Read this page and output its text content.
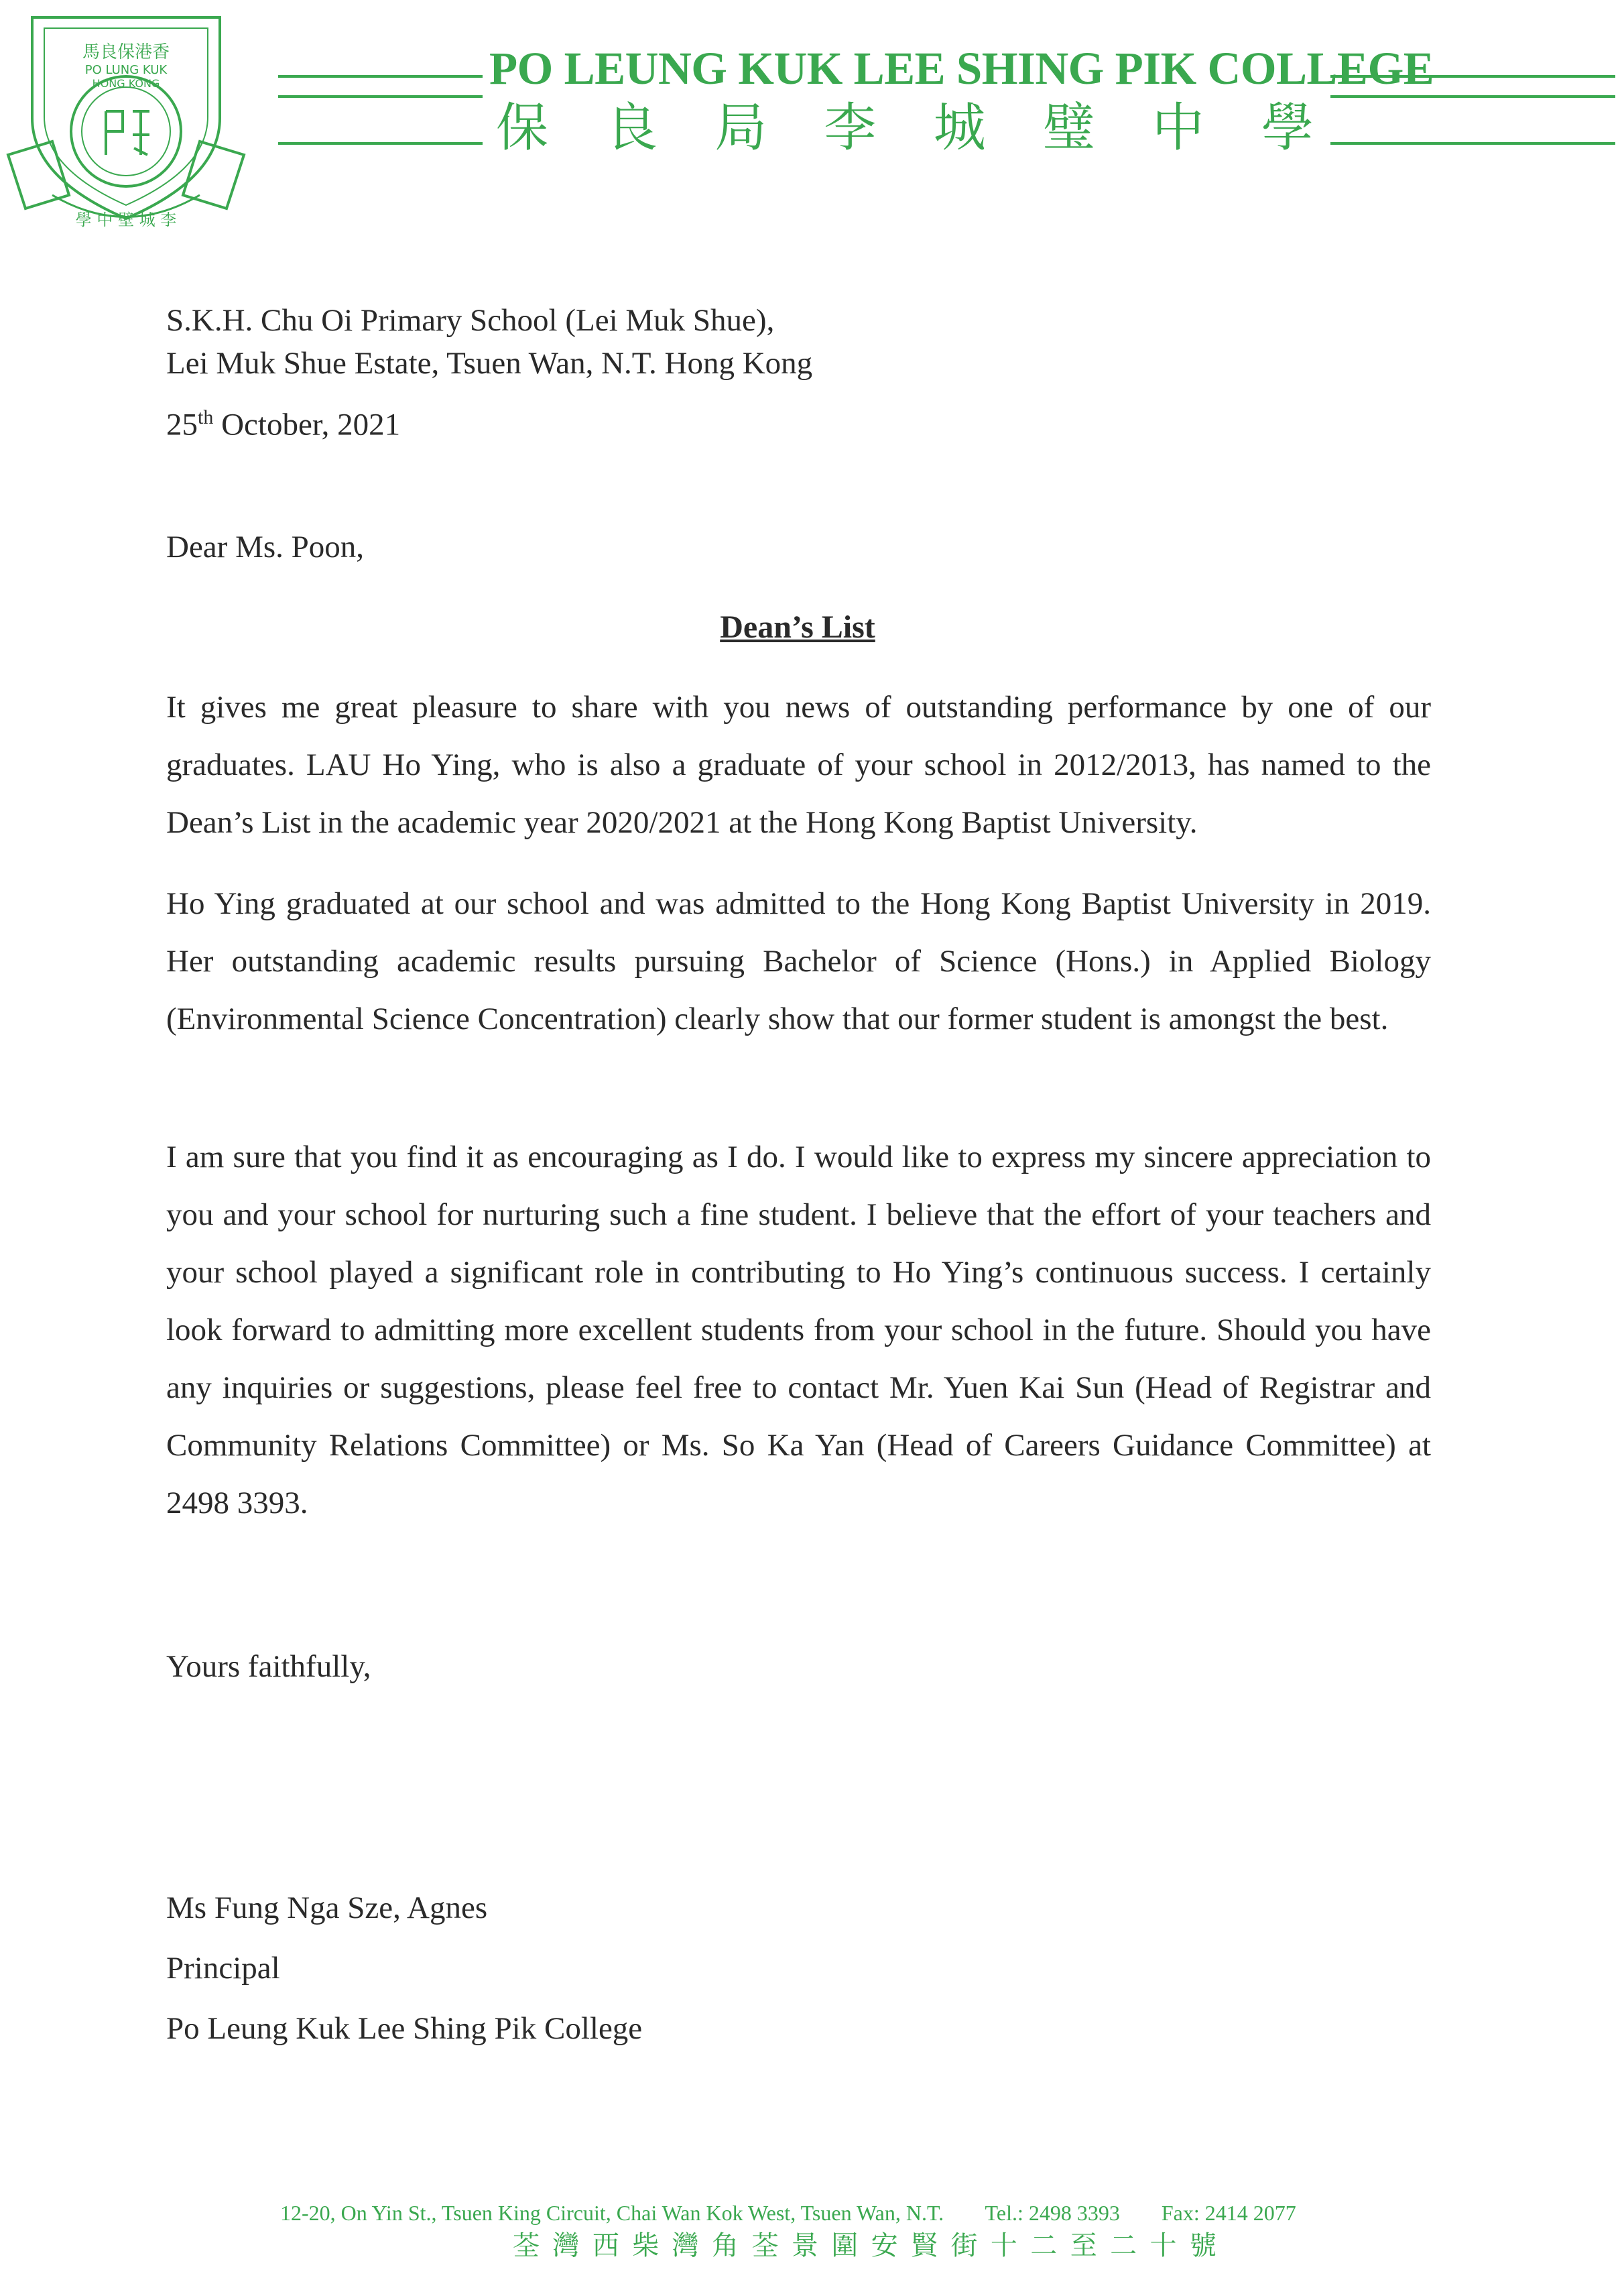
馬良保港香
PO LUNG KUK
HONG KONG
學 中 壁 城 李
PO LEUNG KUK LEE SHING PIK COLLEGE
保 良 局 李 城 璧 中 學
S.K.H. Chu Oi Primary School (Lei Muk Shue),
Lei Muk Shue Estate, Tsuen Wan, N.T. Hong Kong
25th October, 2021
Dear Ms. Poon,
Dean’s List
It gives me great pleasure to share with you news of outstanding performance by one of our graduates. LAU Ho Ying, who is also a graduate of your school in 2012/2013, has named to the Dean’s List in the academic year 2020/2021 at the Hong Kong Baptist University.
Ho Ying graduated at our school and was admitted to the Hong Kong Baptist University in 2019. Her outstanding academic results pursuing Bachelor of Science (Hons.) in Applied Biology (Environmental Science Concentration) clearly show that our former student is amongst the best.
I am sure that you find it as encouraging as I do. I would like to express my sincere appreciation to you and your school for nurturing such a fine student. I believe that the effort of your teachers and your school played a significant role in contributing to Ho Ying’s continuous success. I certainly look forward to admitting more excellent students from your school in the future. Should you have any inquiries or suggestions, please feel free to contact Mr. Yuen Kai Sun (Head of Registrar and Community Relations Committee) or Ms. So Ka Yan (Head of Careers Guidance Committee) at 2498 3393.
Yours faithfully,
Ms Fung Nga Sze, Agnes
Principal
Po Leung Kuk Lee Shing Pik College
12-20, On Yin St., Tsuen King Circuit, Chai Wan Kok West, Tsuen Wan, N.T. Tel.: 2498 3393 Fax: 2414 2077
荃 灣 西 柴 灣 角 荃 景 圍 安 賢 街 十 二 至 二 十 號
